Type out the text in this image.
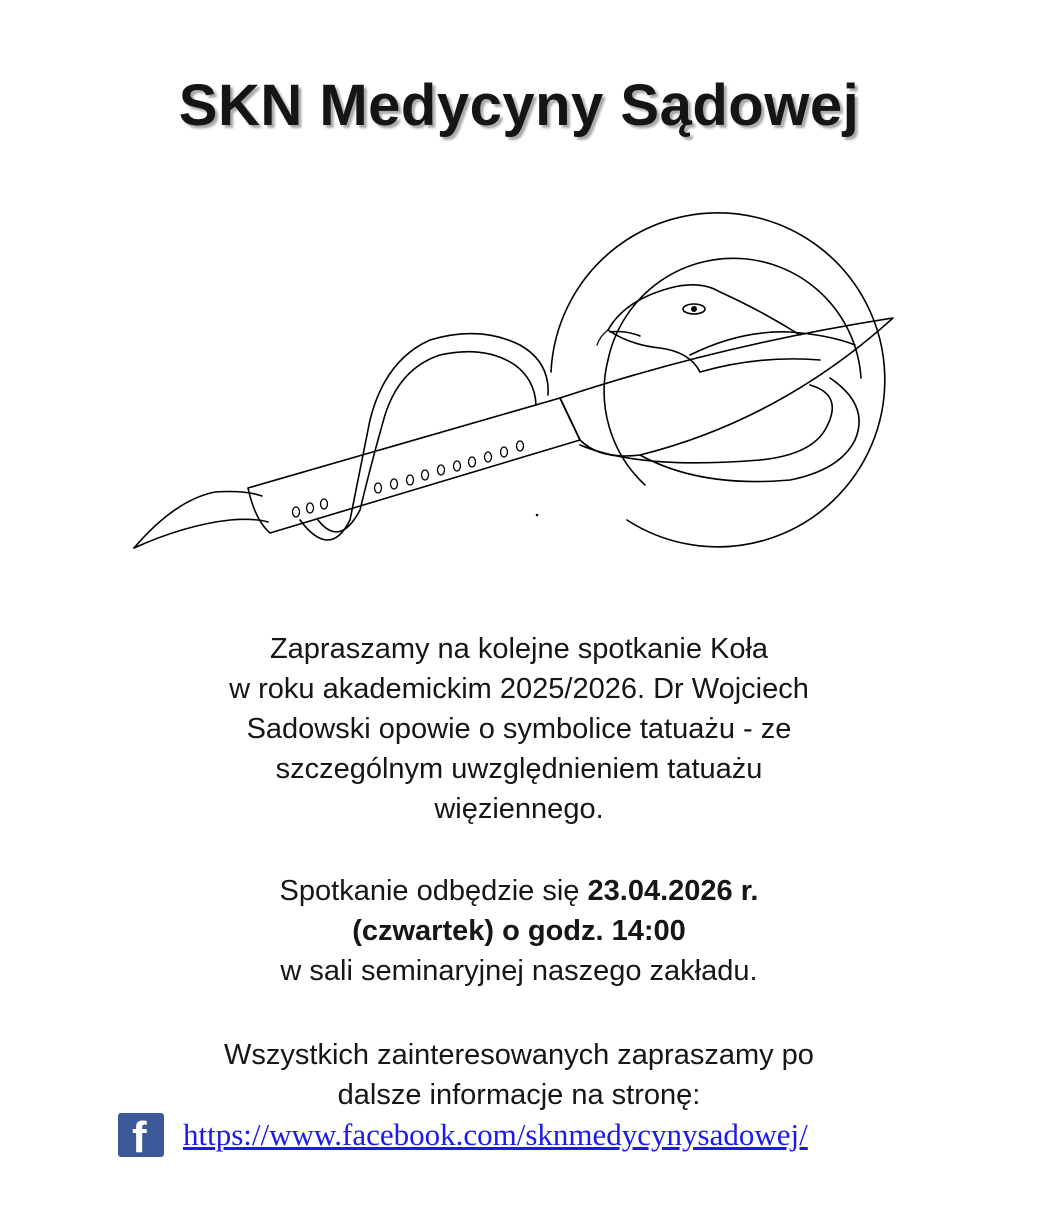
SKN Medycyny Sądowej
Zapraszamy na kolejne spotkanie Koła
w roku akademickim 2025/2026. Dr Wojciech
Sadowski opowie o symbolice tatuażu - ze
szczególnym uwzględnieniem tatuażu
więziennego.
Spotkanie odbędzie się 23.04.2026 r.
(czwartek) o godz. 14:00
w sali seminaryjnej naszego zakładu.
Wszystkich zainteresowanych zapraszamy po
dalsze informacje na stronę:
f https://www.facebook.com/sknmedycynysadowej/
